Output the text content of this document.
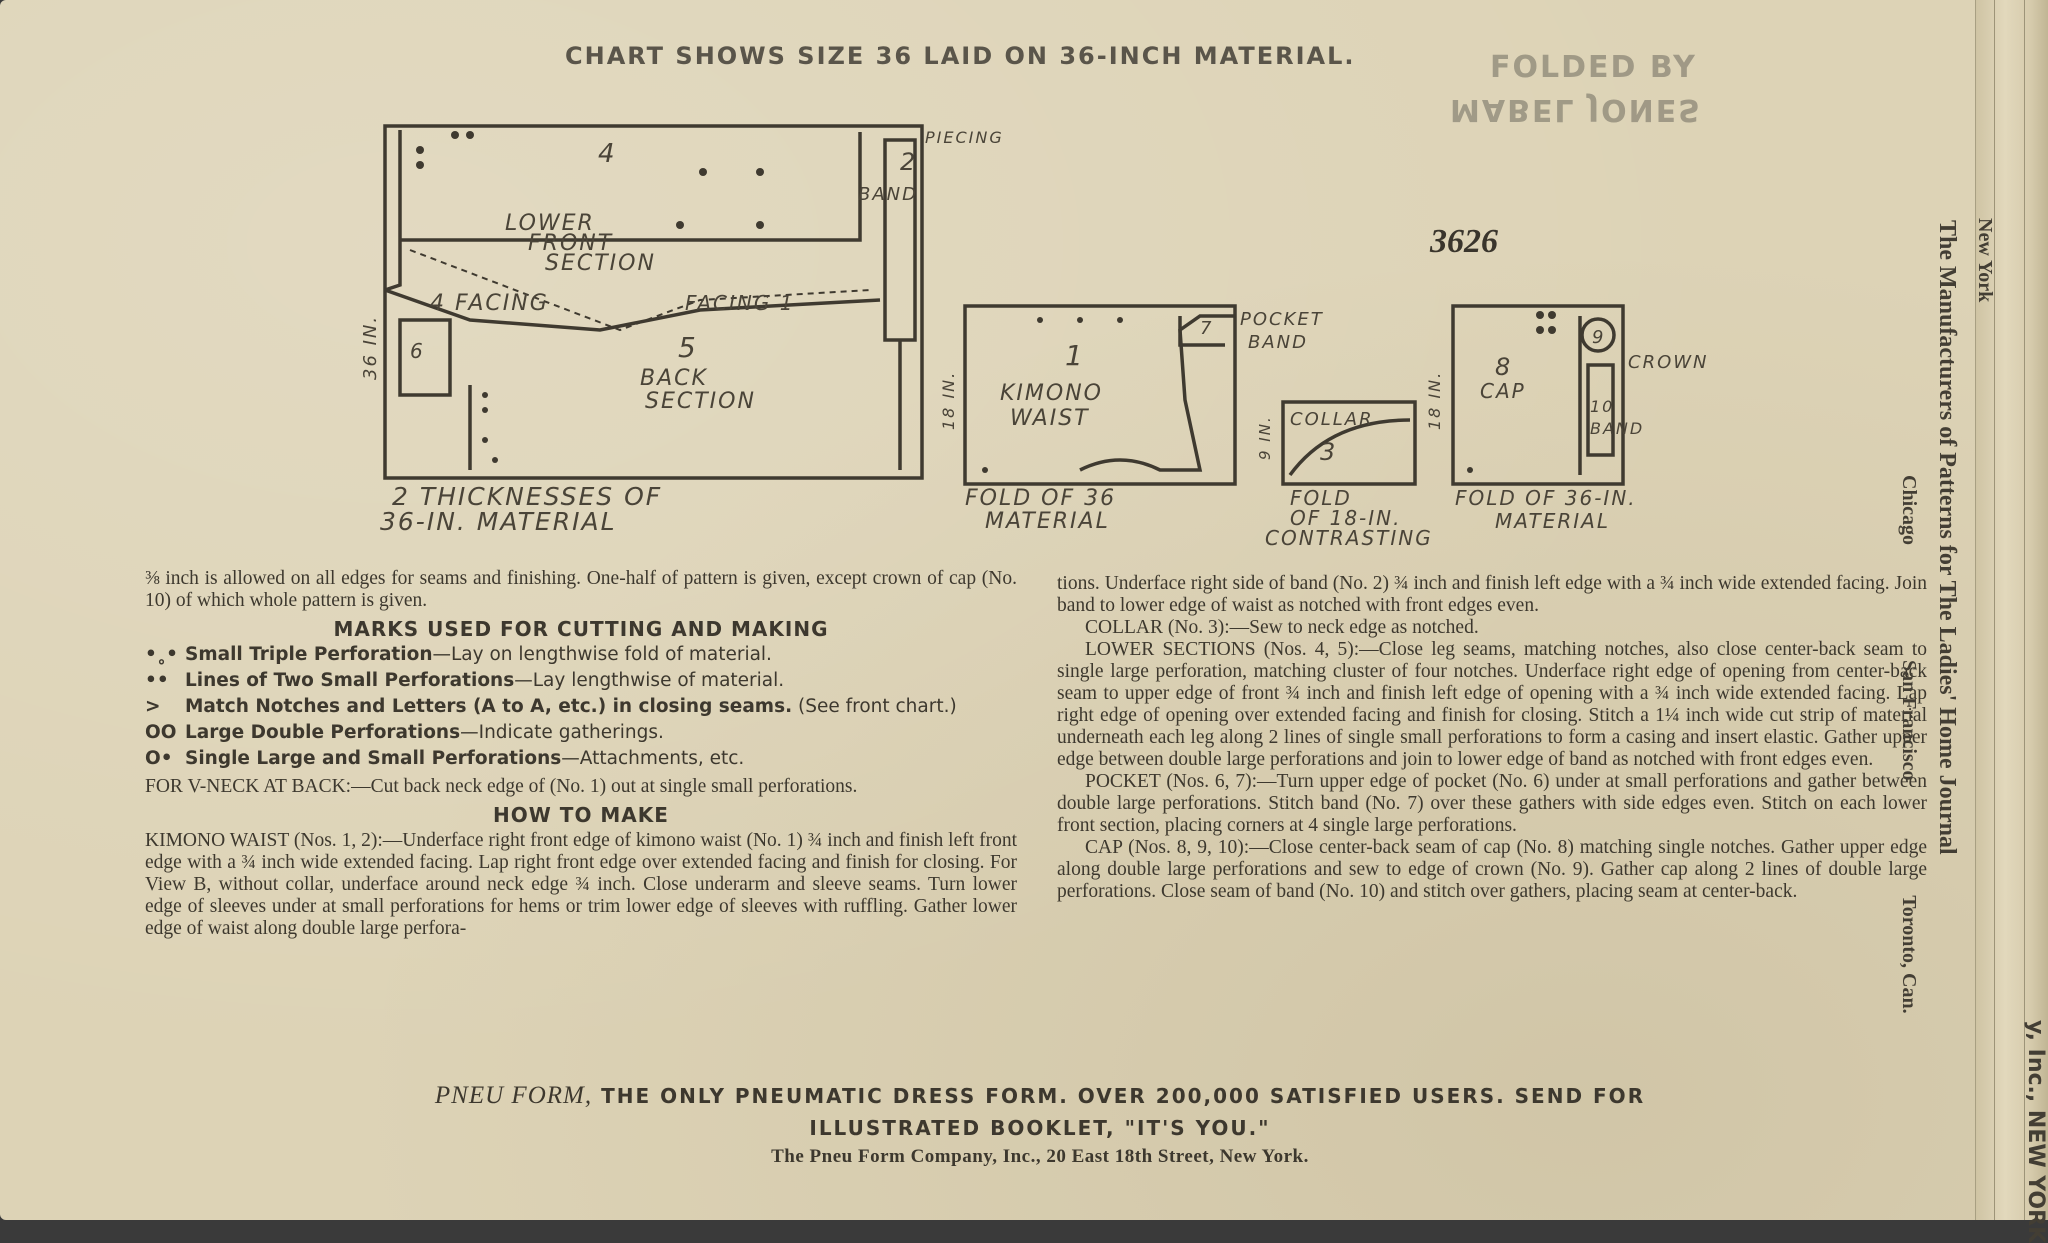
CHART SHOWS SIZE 36 LAID ON 36-INCH MATERIAL.	FOLDED BY
MABEL JONES
4
LOWER
FRONT
SECTION
4 FACING	FACING 1
6	5
BACK
SECTION
PIECING
2
BAND
36 IN.
2 THICKNESSES OF
36-IN. MATERIAL
18 IN.
1
KIMONO
WAIST
7 POCKET
BAND
FOLD OF 36
MATERIAL
9 IN. COLLAR
3
FOLD
OF 18-IN.
CONTRASTING
18 IN.
8
CAP
9
CROWN
10
BAND
FOLD OF 36-IN.
MATERIAL
3626

⅜ inch is allowed on all edges for seams and finishing. One-half of pattern is given, except crown of cap (No. 10) of which whole pattern is given.

MARKS USED FOR CUTTING AND MAKING
•˳• Small Triple Perforation—Lay on lengthwise fold of material.
•• Lines of Two Small Perforations—Lay lengthwise of material.
>	Match Notches and Letters (A to A, etc.) in closing seams. (See front chart.)
OO Large Double Perforations—Indicate gatherings.
O• Single Large and Small Perforations—Attachments, etc.

FOR V-NECK AT BACK:—Cut back neck edge of (No. 1) out at single small perforations.

HOW TO MAKE

KIMONO WAIST (Nos. 1, 2):—Underface right front edge of kimono waist (No. 1) ¾ inch and finish left front edge with a ¾ inch wide extended facing. Lap right front edge over extended facing and finish for closing. For View B, without collar, underface around neck edge ¾ inch. Close underarm and sleeve seams. Turn lower edge of sleeves under at small perforations for hems or trim lower edge of sleeves with ruffling. Gather lower edge of waist along double large perfora-

tions. Underface right side of band (No. 2) ¾ inch and finish left edge with a ¾ inch wide extended facing. Join band to lower edge of waist as notched with front edges even.

COLLAR (No. 3):—Sew to neck edge as notched.

LOWER SECTIONS (Nos. 4, 5):—Close leg seams, matching notches, also close center-back seam to single large perforation, matching cluster of four notches. Underface right edge of opening from center-back seam to upper edge of front ¾ inch and finish left edge of opening with a ¾ inch wide extended facing. Lap right edge of opening over extended facing and finish for closing. Stitch a 1¼ inch wide cut strip of material underneath each leg along 2 lines of single small perforations to form a casing and insert elastic. Gather upper edge between double large perforations and join to lower edge of band as notched with front edges even.

POCKET (Nos. 6, 7):—Turn upper edge of pocket (No. 6) under at small perforations and gather between double large perforations. Stitch band (No. 7) over these gathers with side edges even. Stitch on each lower front section, placing corners at 4 single large perforations.

CAP (Nos. 8, 9, 10):—Close center-back seam of cap (No. 8) matching single notches. Gather upper edge along double large perforations and sew to edge of crown (No. 9). Gather cap along 2 lines of double large perforations. Close seam of band (No. 10) and stitch over gathers, placing seam at center-back.

PNEU FORM, THE ONLY PNEUMATIC DRESS FORM. OVER 200,000 SATISFIED USERS. SEND FOR
ILLUSTRATED BOOKLET, "IT'S YOU."
The Pneu Form Company, Inc., 20 East 18th Street, New York.
The Manufacturers of Patterns for The Ladies' Home Journal New York
Chicago San Francisco Toronto, Can.
y, Inc., NEW YORK
